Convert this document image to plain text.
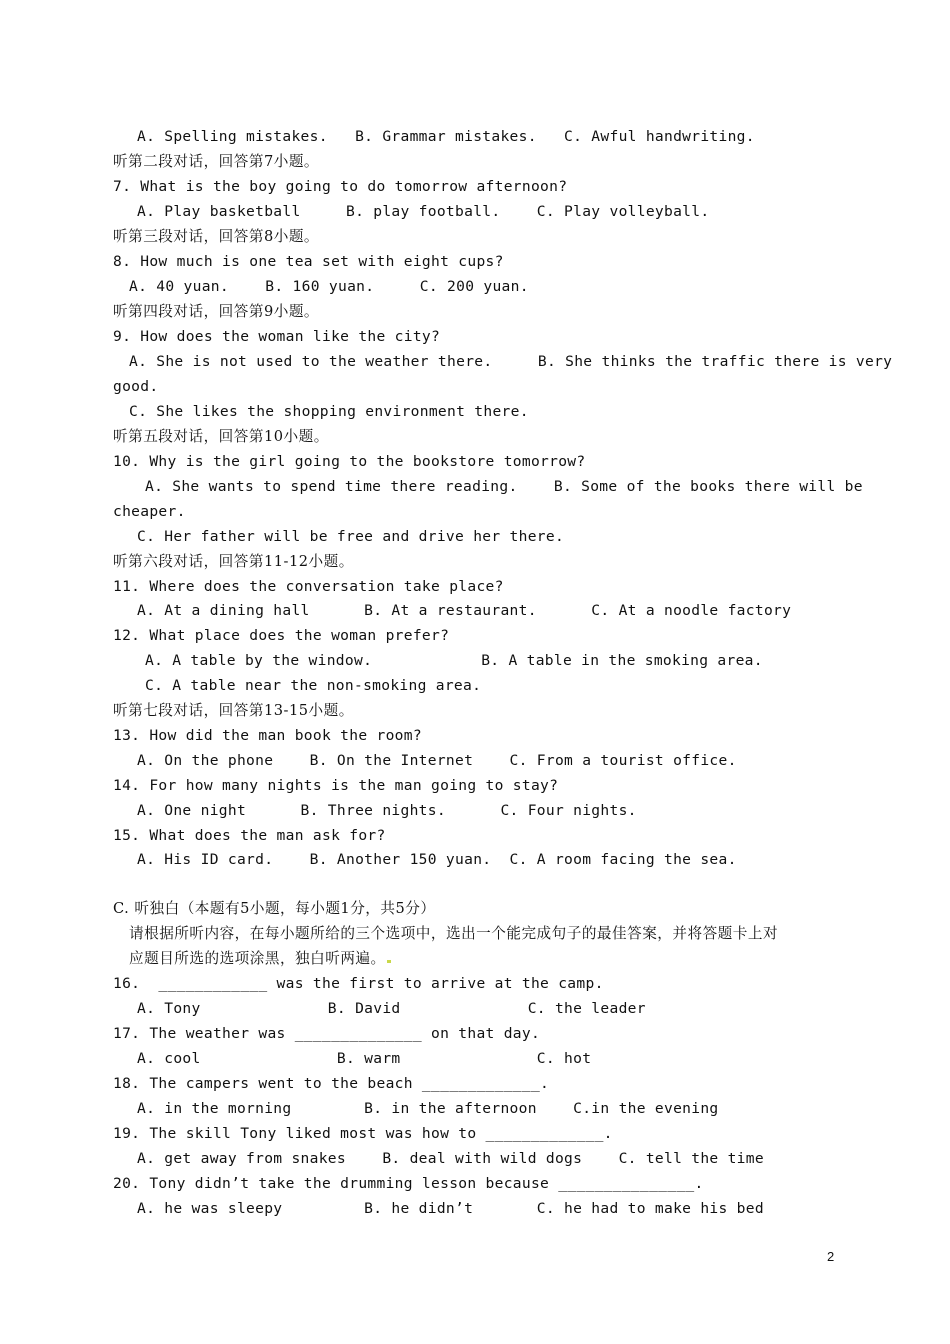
A. Spelling mistakes.   B. Grammar mistakes.   C. Awful handwriting.
听第二段对话，回答第7小题。
7. What is the boy going to do tomorrow afternoon?
A. Play basketball     B. play football.    C. Play volleyball.
听第三段对话，回答第8小题。
8. How much is one tea set with eight cups?
A. 40 yuan.    B. 160 yuan.     C. 200 yuan.
听第四段对话，回答第9小题。
9. How does the woman like the city?
A. She is not used to the weather there.     B. She thinks the traffic there is very
good.
C. She likes the shopping environment there.
听第五段对话，回答第10小题。
10. Why is the girl going to the bookstore tomorrow?
A. She wants to spend time there reading.    B. Some of the books there will be
cheaper.
C. Her father will be free and drive her there.
听第六段对话，回答第11-12小题。
11. Where does the conversation take place?
A. At a dining hall      B. At a restaurant.      C. At a noodle factory
12. What place does the woman prefer?
A. A table by the window.            B. A table in the smoking area.
C. A table near the non-smoking area.
听第七段对话，回答第13-15小题。
13. How did the man book the room?
A. On the phone    B. On the Internet    C. From a tourist office.
14. For how many nights is the man going to stay?
A. One night      B. Three nights.      C. Four nights.
15. What does the man ask for?
A. His ID card.    B. Another 150 yuan.  C. A room facing the sea.
C. 听独白（本题有5小题，每小题1分，共5分）
请根据所听内容，在每小题所给的三个选项中，选出一个能完成句子的最佳答案，并将答题卡上对
应题目所选的选项涂黑，独白听两遍。
16.  ____________ was the first to arrive at the camp.
A. Tony              B. David              C. the leader
17. The weather was ______________ on that day.
A. cool               B. warm               C. hot
18. The campers went to the beach _____________.
A. in the morning        B. in the afternoon    C.in the evening
19. The skill Tony liked most was how to _____________.
A. get away from snakes    B. deal with wild dogs    C. tell the time
20. Tony didn’t take the drumming lesson because _______________.
A. he was sleepy         B. he didn’t       C. he had to make his bed
2
